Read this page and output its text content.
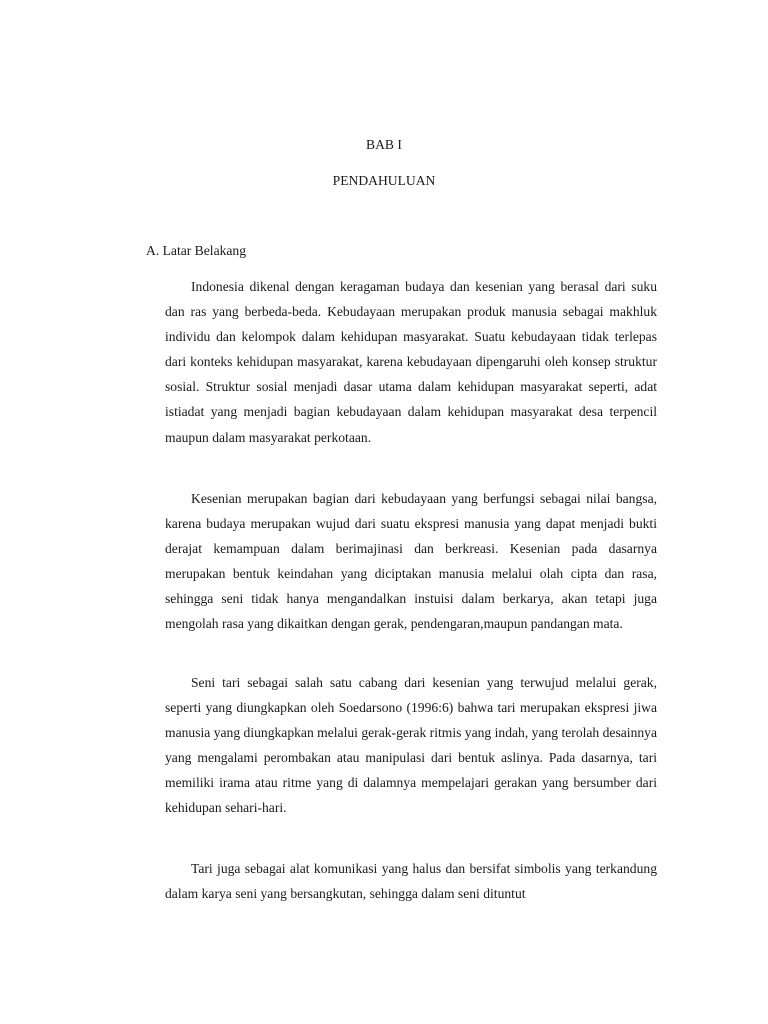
BAB I
PENDAHULUAN
A. Latar Belakang

Indonesia dikenal dengan keragaman budaya dan kesenian yang berasal dari suku dan ras yang berbeda-beda. Kebudayaan merupakan produk manusia sebagai makhluk individu dan kelompok dalam kehidupan masyarakat. Suatu kebudayaan tidak terlepas dari konteks kehidupan masyarakat, karena kebudayaan dipengaruhi oleh konsep struktur sosial. Struktur sosial menjadi dasar utama dalam kehidupan masyarakat seperti, adat istiadat yang menjadi bagian kebudayaan dalam kehidupan masyarakat desa terpencil maupun dalam masyarakat perkotaan.

Kesenian merupakan bagian dari kebudayaan yang berfungsi sebagai nilai bangsa, karena budaya merupakan wujud dari suatu ekspresi manusia yang dapat menjadi bukti derajat kemampuan dalam berimajinasi dan berkreasi. Kesenian pada dasarnya merupakan bentuk keindahan yang diciptakan manusia melalui olah cipta dan rasa, sehingga seni tidak hanya mengandalkan instuisi dalam berkarya, akan tetapi juga mengolah rasa yang dikaitkan dengan gerak, pendengaran,maupun pandangan mata.

Seni tari sebagai salah satu cabang dari kesenian yang terwujud melalui gerak, seperti yang diungkapkan oleh Soedarsono (1996:6) bahwa tari merupakan ekspresi jiwa manusia yang diungkapkan melalui gerak-gerak ritmis yang indah, yang terolah desainnya yang mengalami perombakan atau manipulasi dari bentuk aslinya. Pada dasarnya, tari memiliki irama atau ritme yang di dalamnya mempelajari gerakan yang bersumber dari kehidupan sehari-hari.

Tari juga sebagai alat komunikasi yang halus dan bersifat simbolis yang terkandung dalam karya seni yang bersangkutan, sehingga dalam seni dituntut
